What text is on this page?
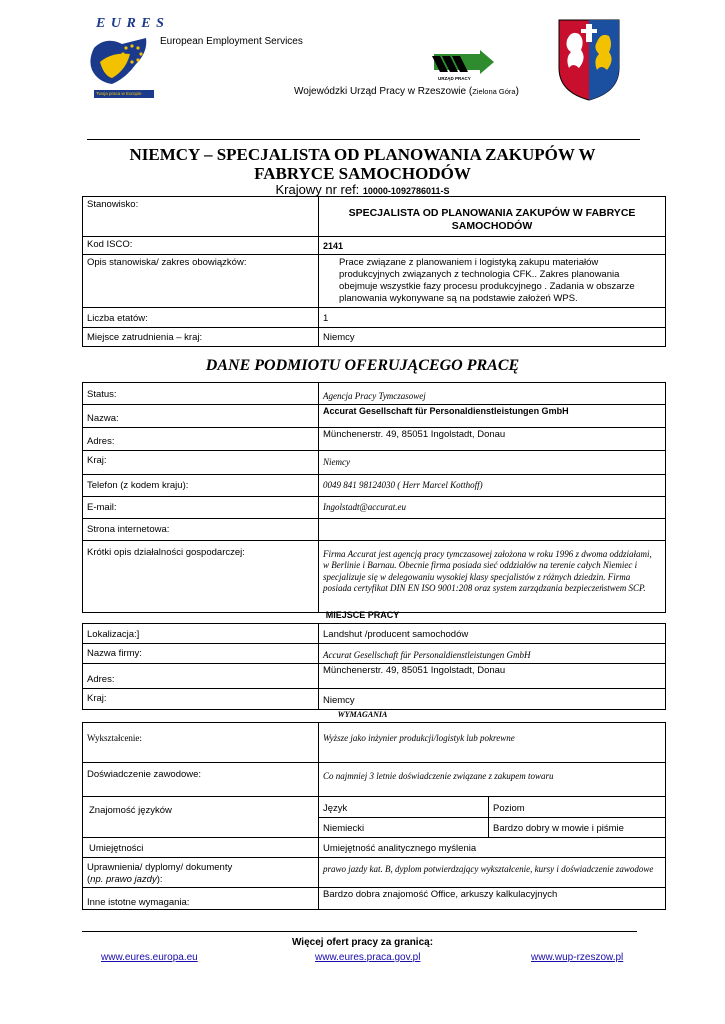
E U R E S
Twoja praca w Europie
European Employment Services
URZĄD PRACY
Wojewódzki Urząd Pracy w Rzeszowie (Zielona Góra)
NIEMCY – SPECJALISTA OD PLANOWANIA ZAKUPÓW W
FABRYCE SAMOCHODÓW
Krajowy nr ref: 10000-1092786011-S
Stanowisko:	SPECJALISTA OD PLANOWANIA ZAKUPÓW W FABRYCE
SAMOCHODÓW

Kod ISCO:	2141
Opis stanowiska/ zakres obowiązków:	Prace związane z planowaniem i logistyką zakupu materiałów produkcyjnych związanych z technologia CFK.. Zakres planowania obejmuje wszystkie fazy procesu produkcyjnego . Zadania w obszarze planowania wykonywane są na podstawie założeń WPS.
Liczba etatów:	1
Miejsce zatrudnienia – kraj:	Niemcy
DANE PODMIOTU OFERUJĄCEGO PRACĘ
Status:	Agencja Pracy Tymczasowej
Nazwa:	Accurat Gesellschaft für Personaldienstleistungen GmbH
Adres:	Münchenerstr. 49, 85051 Ingolstadt, Donau
Kraj:	Niemcy
Telefon (z kodem kraju):	0049 841 98124030 ( Herr Marcel Kotthoff)
E-mail:	Ingolstadt@accurat.eu
Strona internetowa:	
Krótki opis działalności gospodarczej:	Firma Accurat jest agencją pracy tymczasowej założona w roku 1996 z dwoma oddziałami, w Berlinie i Barnau. Obecnie firma posiada sieć oddziałów na terenie całych Niemiec i specjalizuje się w delegowaniu wysokiej klasy specjalistów z różnych dziedzin. Firma posiada certyfikat DIN EN ISO 9001:208 oraz system zarządzania bezpieczeństwem SCP.
MIEJSCE PRACY
Lokalizacja:]	Landshut /producent samochodów
Nazwa firmy:	Accurat Gesellschaft für Personaldienstleistungen GmbH
Adres:	Münchenerstr. 49, 85051 Ingolstadt, Donau
Kraj:	Niemcy
WYMAGANIA
Wykształcenie:	Wyższe jako inżynier produkcji/logistyk lub pokrewne	
Doświadczenie zawodowe:	Co najmniej 3 letnie doświadczenie związane z zakupem towaru	
Znajomość języków	Język	Poziom
	Niemiecki	Bardzo dobry w mowie i piśmie
Umiejętności	Umiejętność analitycznego myślenia	

Uprawnienia/ dyplomy/ dokumenty
(np. prawo jazdy):	prawo jazdy kat. B, dyplom potwierdzający wykształcenie, kursy i doświadczenie zawodowe	
Inne istotne wymagania:	Bardzo dobra znajomość Office, arkuszy kalkulacyjnych	
Więcej ofert pracy za granicą:
www.eures.europa.eu	www.eures.praca.gov.pl	www.wup-rzeszow.pl
